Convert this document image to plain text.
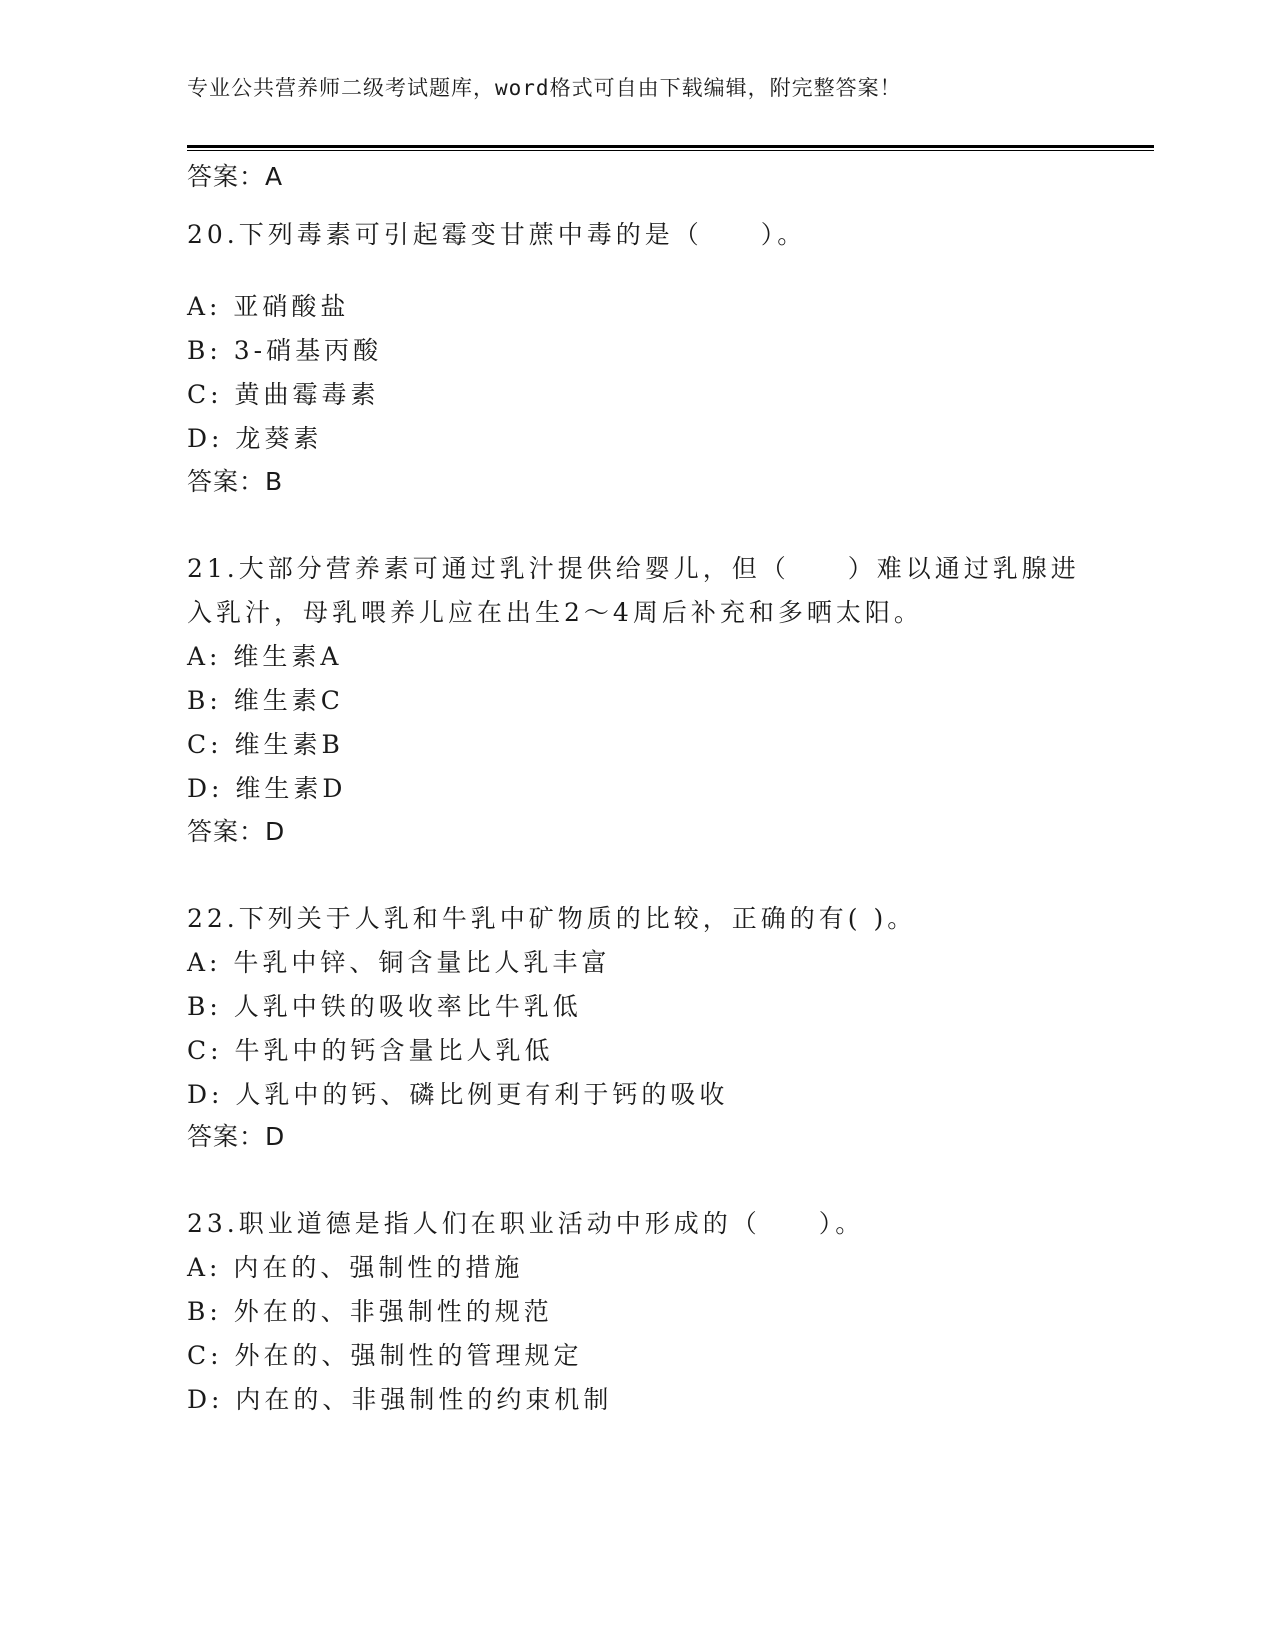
专业公共营养师二级考试题库，word格式可自由下载编辑，附完整答案！
答案：A
20.下列毒素可引起霉变甘蔗中毒的是（　　）。
A: 亚硝酸盐
B: 3-硝基丙酸
C: 黄曲霉毒素
D: 龙葵素
答案：B
21.大部分营养素可通过乳汁提供给婴儿，但（　　）难以通过乳腺进
入乳汁，母乳喂养儿应在出生2～4周后补充和多晒太阳。
A: 维生素A
B: 维生素C
C: 维生素B
D: 维生素D
答案：D
22.下列关于人乳和牛乳中矿物质的比较，正确的有( )。
A: 牛乳中锌、铜含量比人乳丰富
B: 人乳中铁的吸收率比牛乳低
C: 牛乳中的钙含量比人乳低
D: 人乳中的钙、磷比例更有利于钙的吸收
答案：D
23.职业道德是指人们在职业活动中形成的（　　）。
A: 内在的、强制性的措施
B: 外在的、非强制性的规范
C: 外在的、强制性的管理规定
D: 内在的、非强制性的约束机制
